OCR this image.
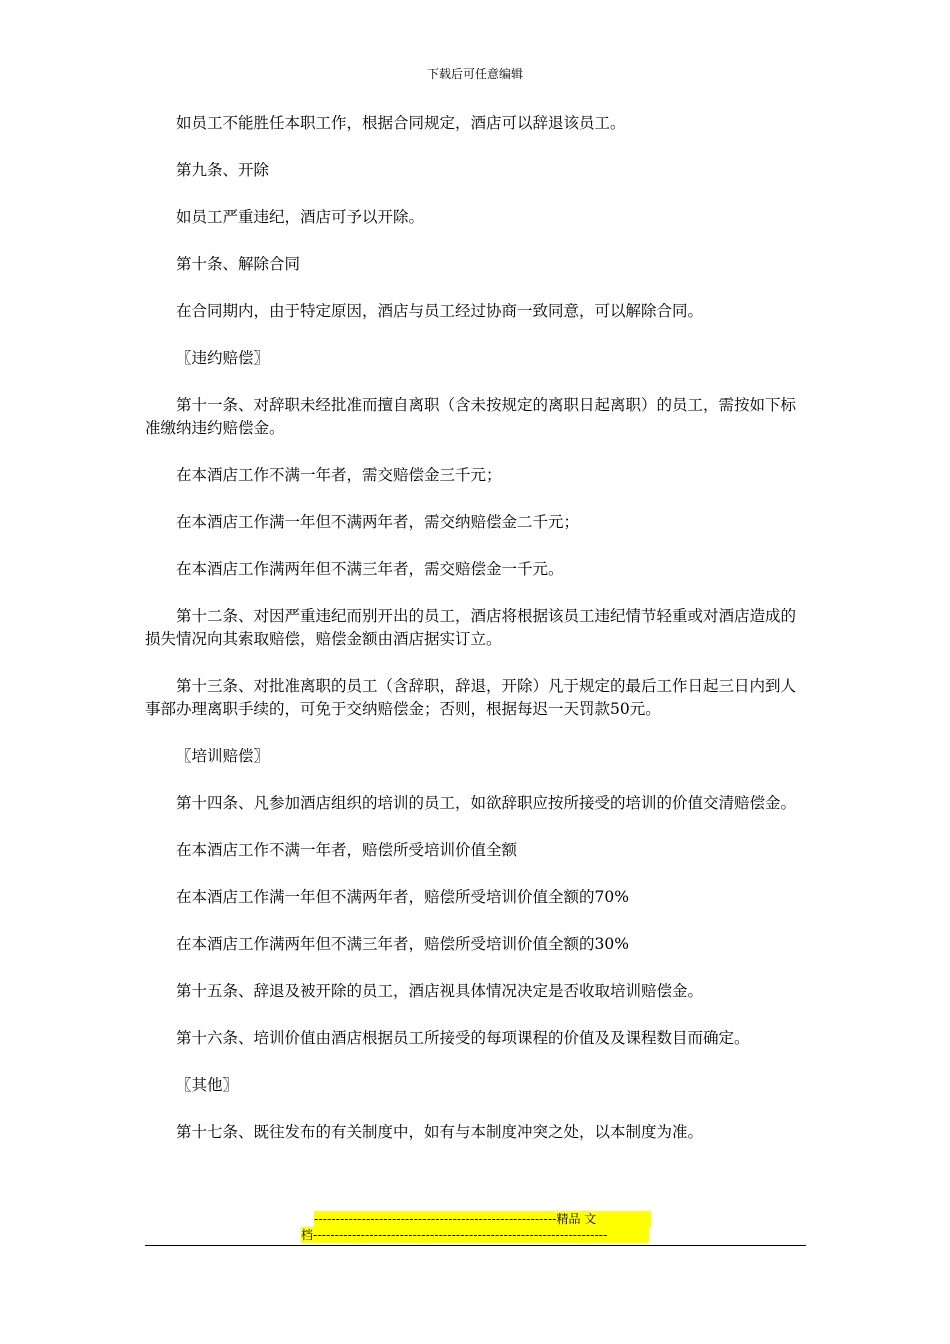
下载后可任意编辑

如员工不能胜任本职工作，根据合同规定，酒店可以辞退该员工。

第九条、开除

如员工严重违纪，酒店可予以开除。

第十条、解除合同

在合同期内，由于特定原因，酒店与员工经过协商一致同意，可以解除合同。

〖违约赔偿〗

第十一条、对辞职未经批准而擅自离职（含未按规定的离职日起离职）的员工，需按如下标准缴纳违约赔偿金。

在本酒店工作不满一年者，需交赔偿金三千元；

在本酒店工作满一年但不满两年者，需交纳赔偿金二千元；

在本酒店工作满两年但不满三年者，需交赔偿金一千元。

第十二条、对因严重违纪而别开出的员工，酒店将根据该员工违纪情节轻重或对酒店造成的损失情况向其索取赔偿，赔偿金额由酒店据实订立。

第十三条、对批准离职的员工（含辞职，辞退，开除）凡于规定的最后工作日起三日内到人事部办理离职手续的，可免于交纳赔偿金；否则，根据每迟一天罚款50元。

〖培训赔偿〗

第十四条、凡参加酒店组织的培训的员工，如欲辞职应按所接受的培训的价值交清赔偿金。

在本酒店工作不满一年者，赔偿所受培训价值全额

在本酒店工作满一年但不满两年者，赔偿所受培训价值全额的70%

在本酒店工作满两年但不满三年者，赔偿所受培训价值全额的30%

第十五条、辞退及被开除的员工，酒店视具体情况决定是否收取培训赔偿金。

第十六条、培训价值由酒店根据员工所接受的每项课程的价值及及课程数目而确定。

〖其他〗

第十七条、既往发布的有关制度中，如有与本制度冲突之处，以本制度为准。

--------------------------------------------------------精品 文
档--------------------------------------------------------------------
